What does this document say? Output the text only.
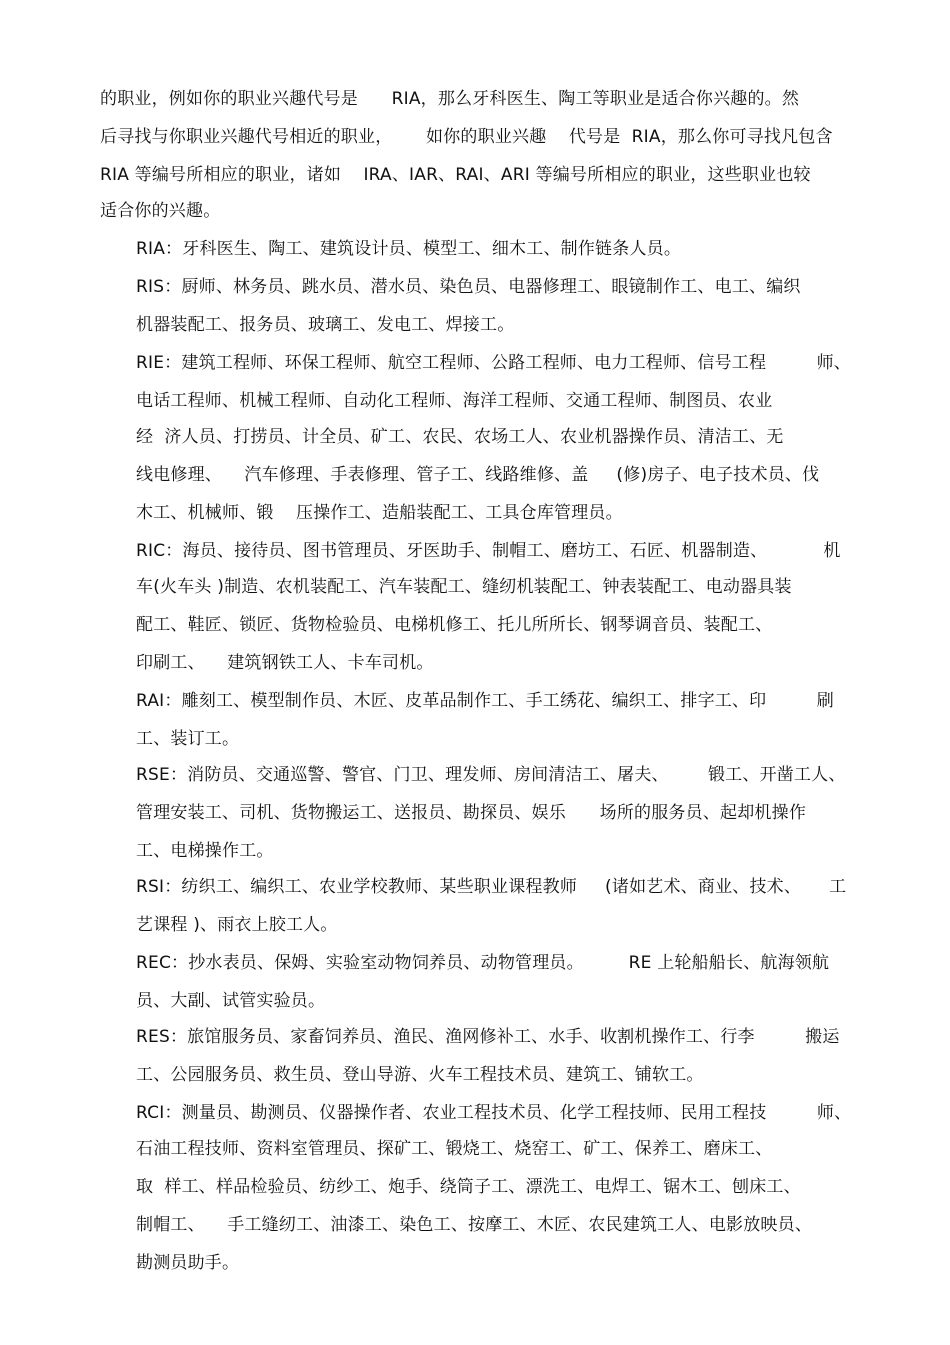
的职业，例如你的职业兴趣代号是      RIA，那么牙科医生、陶工等职业是适合你兴趣的。然
后寻找与你职业兴趣代号相近的职业，      如你的职业兴趣    代号是  RIA，那么你可寻找凡包含
RIA 等编号所相应的职业，诸如    IRA、IAR、RAI、ARI 等编号所相应的职业，这些职业也较
适合你的兴趣。
RIA：牙科医生、陶工、建筑设计员、模型工、细木工、制作链条人员。
RIS：厨师、林务员、跳水员、潜水员、染色员、电器修理工、眼镜制作工、电工、编织
机器装配工、报务员、玻璃工、发电工、焊接工。
RIE：建筑工程师、环保工程师、航空工程师、公路工程师、电力工程师、信号工程         师、
电话工程师、机械工程师、自动化工程师、海洋工程师、交通工程师、制图员、农业
经  济人员、打捞员、计全员、矿工、农民、农场工人、农业机器操作员、清洁工、无
线电修理、    汽车修理、手表修理、管子工、线路维修、盖     (修)房子、电子技术员、伐
木工、机械师、锻    压操作工、造船装配工、工具仓库管理员。
RIC：海员、接待员、图书管理员、牙医助手、制帽工、磨坊工、石匠、机器制造、          机
车(火车头 )制造、农机装配工、汽车装配工、缝纫机装配工、钟表装配工、电动器具装
配工、鞋匠、锁匠、货物检验员、电梯机修工、托儿所所长、钢琴调音员、装配工、
印刷工、    建筑钢铁工人、卡车司机。
RAI：雕刻工、模型制作员、木匠、皮革品制作工、手工绣花、编织工、排字工、印         刷
工、装订工。
RSE：消防员、交通巡警、警官、门卫、理发师、房间清洁工、屠夫、       锻工、开凿工人、
管理安装工、司机、货物搬运工、送报员、勘探员、娱乐      场所的服务员、起却机操作
工、电梯操作工。
RSI：纺织工、编织工、农业学校教师、某些职业课程教师     (诸如艺术、商业、技术、     工
艺课程 )、雨衣上胶工人。
REC：抄水表员、保姆、实验室动物饲养员、动物管理员。        RE 上轮船船长、航海领航
员、大副、试管实验员。
RES：旅馆服务员、家畜饲养员、渔民、渔网修补工、水手、收割机操作工、行李         搬运
工、公园服务员、救生员、登山导游、火车工程技术员、建筑工、铺软工。
RCI：测量员、勘测员、仪器操作者、农业工程技术员、化学工程技师、民用工程技         师、
石油工程技师、资料室管理员、探矿工、锻烧工、烧窑工、矿工、保养工、磨床工、
取  样工、样品检验员、纺纱工、炮手、绕筒子工、漂洗工、电焊工、锯木工、刨床工、
制帽工、    手工缝纫工、油漆工、染色工、按摩工、木匠、农民建筑工人、电影放映员、
勘测员助手。
